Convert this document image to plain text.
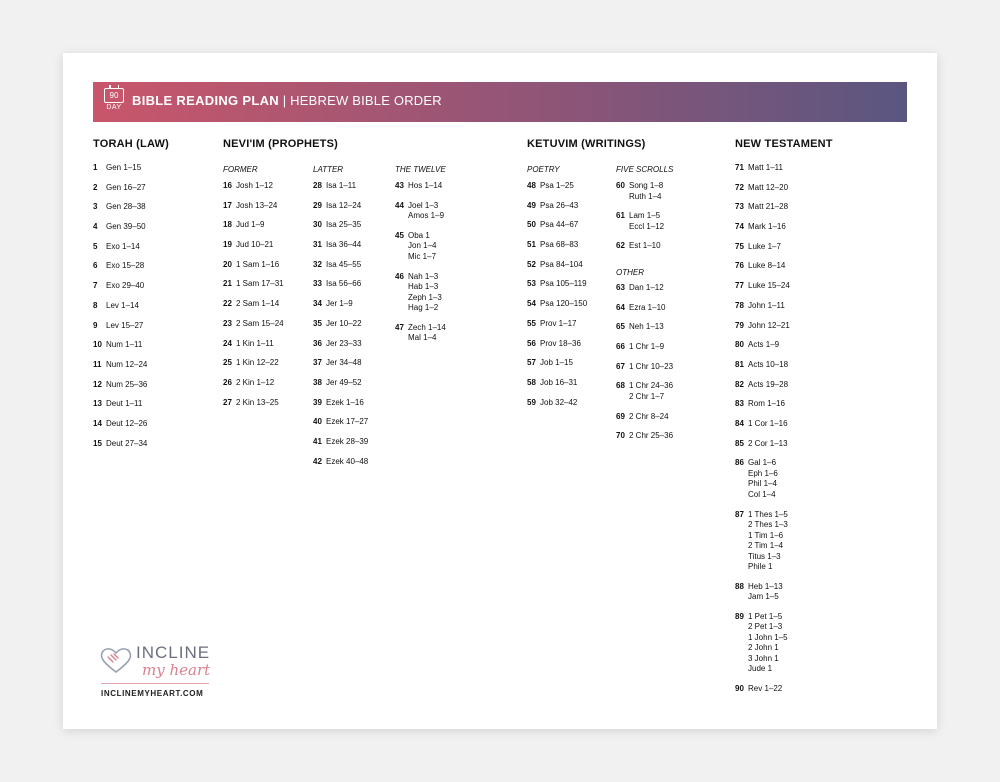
90
DAY BIBLE READING PLAN | HEBREW BIBLE ORDER
TORAH (LAW)	NEVI'IM (PROPHETS)	KETUVIM (WRITINGS)	NEW TESTAMENT
FORMER	LATTER	THE TWELVE	POETRY	FIVE SCROLLS
OTHER
1 Gen 1–15
2 Gen 16–27
3 Gen 28–38
4 Gen 39–50
5 Exo 1–14
6 Exo 15–28
7 Exo 29–40
8 Lev 1–14
9 Lev 15–27
10 Num 1–11
11 Num 12–24
12 Num 25–36
13 Deut 1–11
14 Deut 12–26
15 Deut 27–34
16 Josh 1–12
17 Josh 13–24
18 Jud 1–9
19 Jud 10–21
20 1 Sam 1–16
21 1 Sam 17–31
22 2 Sam 1–14
23 2 Sam 15–24
24 1 Kin 1–11
25 1 Kin 12–22
26 2 Kin 1–12
27 2 Kin 13–25
28 Isa 1–11
29 Isa 12–24
30 Isa 25–35
31 Isa 36–44
32 Isa 45–55
33 Isa 56–66
34 Jer 1–9
35 Jer 10–22
36 Jer 23–33
37 Jer 34–48
38 Jer 49–52
39 Ezek 1–16
40 Ezek 17–27
41 Ezek 28–39
42 Ezek 40–48
43 Hos 1–14
44 Joel 1–3
Amos 1–9
45 Oba 1
Jon 1–4
Mic 1–7
46 Nah 1–3
Hab 1–3
Zeph 1–3
Hag 1–2
47 Zech 1–14
Mal 1–4
48 Psa 1–25
49 Psa 26–43
50 Psa 44–67
51 Psa 68–83
52 Psa 84–104
53 Psa 105–119
54 Psa 120–150
55 Prov 1–17
56 Prov 18–36
57 Job 1–15
58 Job 16–31
59 Job 32–42
60 Song 1–8
Ruth 1–4
61 Lam 1–5
Eccl 1–12
62 Est 1–10
63 Dan 1–12
64 Ezra 1–10
65 Neh 1–13
66 1 Chr 1–9
67 1 Chr 10–23
68 1 Chr 24–36
2 Chr 1–7
69 2 Chr 8–24
70 2 Chr 25–36
71 Matt 1–11
72 Matt 12–20
73 Matt 21–28
74 Mark 1–16
75 Luke 1–7
76 Luke 8–14
77 Luke 15–24
78 John 1–11
79 John 12–21
80 Acts 1–9
81 Acts 10–18
82 Acts 19–28
83 Rom 1–16
84 1 Cor 1–16
85 2 Cor 1–13
86 Gal 1–6
Eph 1–6
Phil 1–4
Col 1–4
87 1 Thes 1–5
2 Thes 1–3
1 Tim 1–6
2 Tim 1–4
Titus 1–3
Phile 1
88 Heb 1–13
Jam 1–5
89 1 Pet 1–5
2 Pet 1–3
1 John 1–5
2 John 1
3 John 1
Jude 1
90 Rev 1–22
INCLINE
my heart
INCLINEMYHEART.COM
